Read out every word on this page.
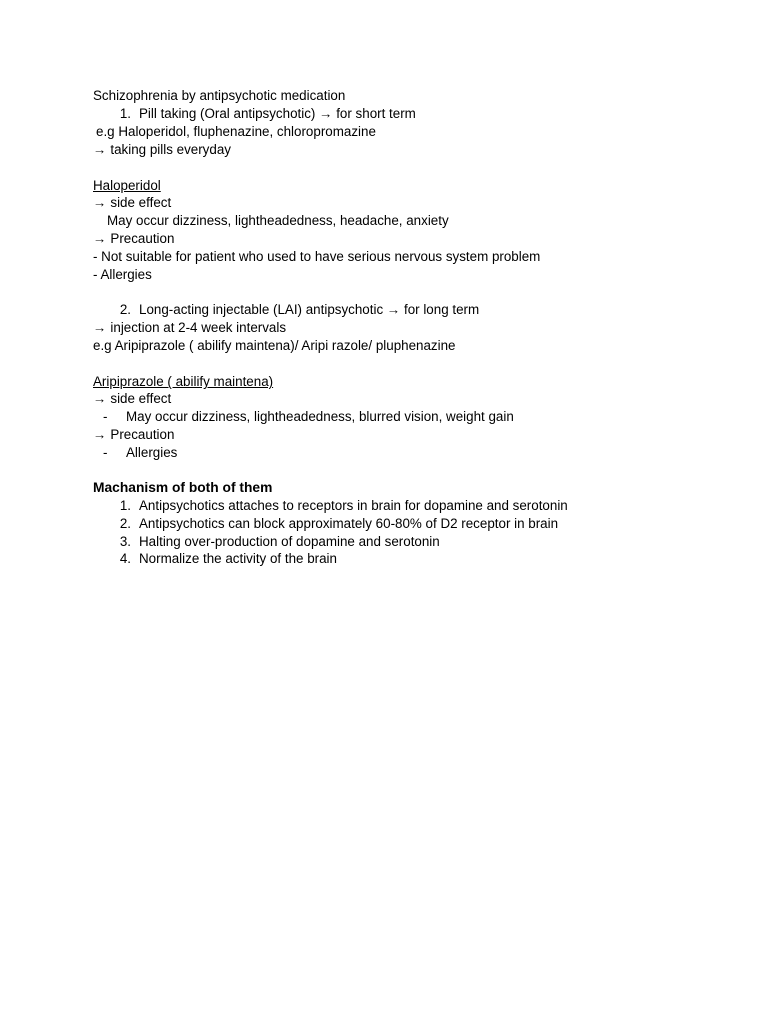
Schizophrenia by antipsychotic medication
1. Pill taking (Oral antipsychotic) → for short term
e.g Haloperidol, fluphenazine, chloropromazine
→ taking pills everyday
Haloperidol
→ side effect
May occur dizziness, lightheadedness, headache, anxiety
→ Precaution
- Not suitable for patient who used to have serious nervous system problem
- Allergies
2. Long-acting injectable (LAI) antipsychotic → for long term
→ injection at 2-4 week intervals
e.g Aripiprazole ( abilify maintena)/ Aripi razole/ pluphenazine
Aripiprazole ( abilify maintena)
→ side effect
- May occur dizziness, lightheadedness, blurred vision, weight gain
→ Precaution
- Allergies
Machanism of both of them
1. Antipsychotics attaches to receptors in brain for dopamine and serotonin
2. Antipsychotics can block approximately 60-80% of D2 receptor in brain
3. Halting over-production of dopamine and serotonin
4. Normalize the activity of the brain
